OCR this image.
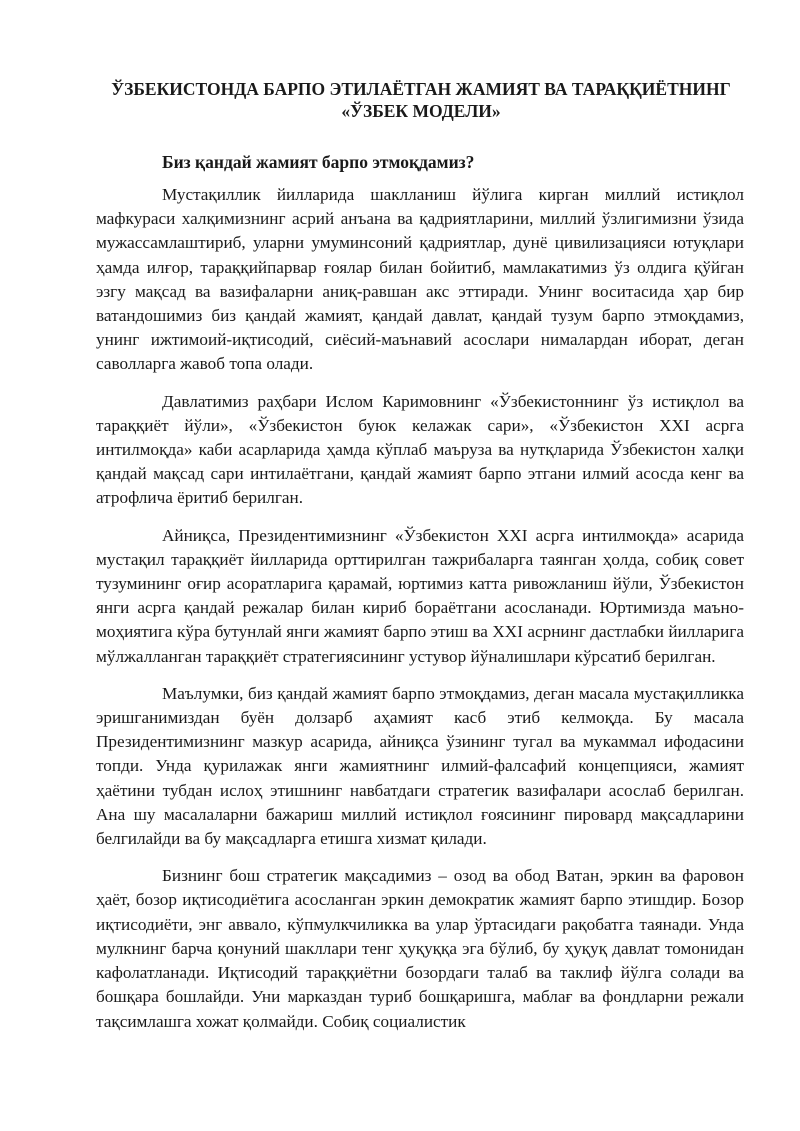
ЎЗБЕКИСТОНДА БАРПО ЭТИЛАЁТГАН ЖАМИЯТ ВА ТАРАҚҚИЁТНИНГ
«ЎЗБЕК МОДЕЛИ»
Биз қандай жамият барпо этмоқдамиз?

Мустақиллик йилларида шаклланиш йўлига кирган миллий истиқлол мафкураси халқимизнинг асрий анъана ва қадриятларини, миллий ўзлигимизни ўзида мужассамлаштириб, уларни умуминсоний қадриятлар, дунё цивилизацияси ютуқлари ҳамда илғор, тараққийпарвар ғоялар билан бойитиб, мамлакатимиз ўз олдига қўйган эзгу мақсад ва вазифаларни аниқ-равшан акс эттиради. Унинг воситасида ҳар бир ватандошимиз биз қандай жамият, қандай давлат, қандай тузум барпо этмоқдамиз, унинг ижтимоий-иқтисодий, сиёсий-маънавий асослари нималардан иборат, деган саволларга жавоб топа олади.

Давлатимиз раҳбари Ислом Каримовнинг «Ўзбекистоннинг ўз истиқлол ва тараққиёт йўли», «Ўзбекистон буюк келажак сари», «Ўзбекистон XXI асрга интилмоқда» каби асарларида ҳамда кўплаб маъруза ва нутқларида Ўзбекистон халқи қандай мақсад сари интилаётгани, қандай жамият барпо этгани илмий асосда кенг ва атрофлича ёритиб берилган.

Айниқса, Президентимизнинг «Ўзбекистон XXI асрга интилмоқда» асарида мустақил тараққиёт йилларида орттирилган тажрибаларга таянган ҳолда, собиқ совет тузумининг оғир асоратларига қарамай, юртимиз катта ривожланиш йўли, Ўзбекистон янги асрга қандай режалар билан кириб бораётгани асосланади. Юртимизда маъно-моҳиятига кўра бутунлай янги жамият барпо этиш ва XXI асрнинг дастлабки йилларига мўлжалланган тараққиёт стратегиясининг устувор йўналишлари кўрсатиб берилган.

Маълумки, биз қандай жамият барпо этмоқдамиз, деган масала мустақилликка эришганимиздан буён долзарб аҳамият касб этиб келмоқда. Бу масала Президентимизнинг мазкур асарида, айниқса ўзининг тугал ва мукаммал ифодасини топди. Унда қурилажак янги жамиятнинг илмий-фалсафий концепцияси, жамият ҳаётини тубдан ислоҳ этишнинг навбатдаги стратегик вазифалари асослаб берилган. Ана шу масалаларни бажариш миллий истиқлол ғоясининг пировард мақсадларини белгилайди ва бу мақсадларга етишга хизмат қилади.

Бизнинг бош стратегик мақсадимиз – озод ва обод Ватан, эркин ва фаровон ҳаёт, бозор иқтисодиётига асосланган эркин демократик жамият барпо этишдир. Бозор иқтисодиёти, энг аввало, кўпмулкчиликка ва улар ўртасидаги рақобатга таянади. Унда мулкнинг барча қонуний шакллари тенг ҳуқуққа эга бўлиб, бу ҳуқуқ давлат томонидан кафолатланади. Иқтисодий тараққиётни бозордаги талаб ва таклиф йўлга солади ва бошқара бошлайди. Уни марказдан туриб бошқаришга, маблағ ва фондларни режали тақсимлашга хожат қолмайди. Собиқ социалистик
